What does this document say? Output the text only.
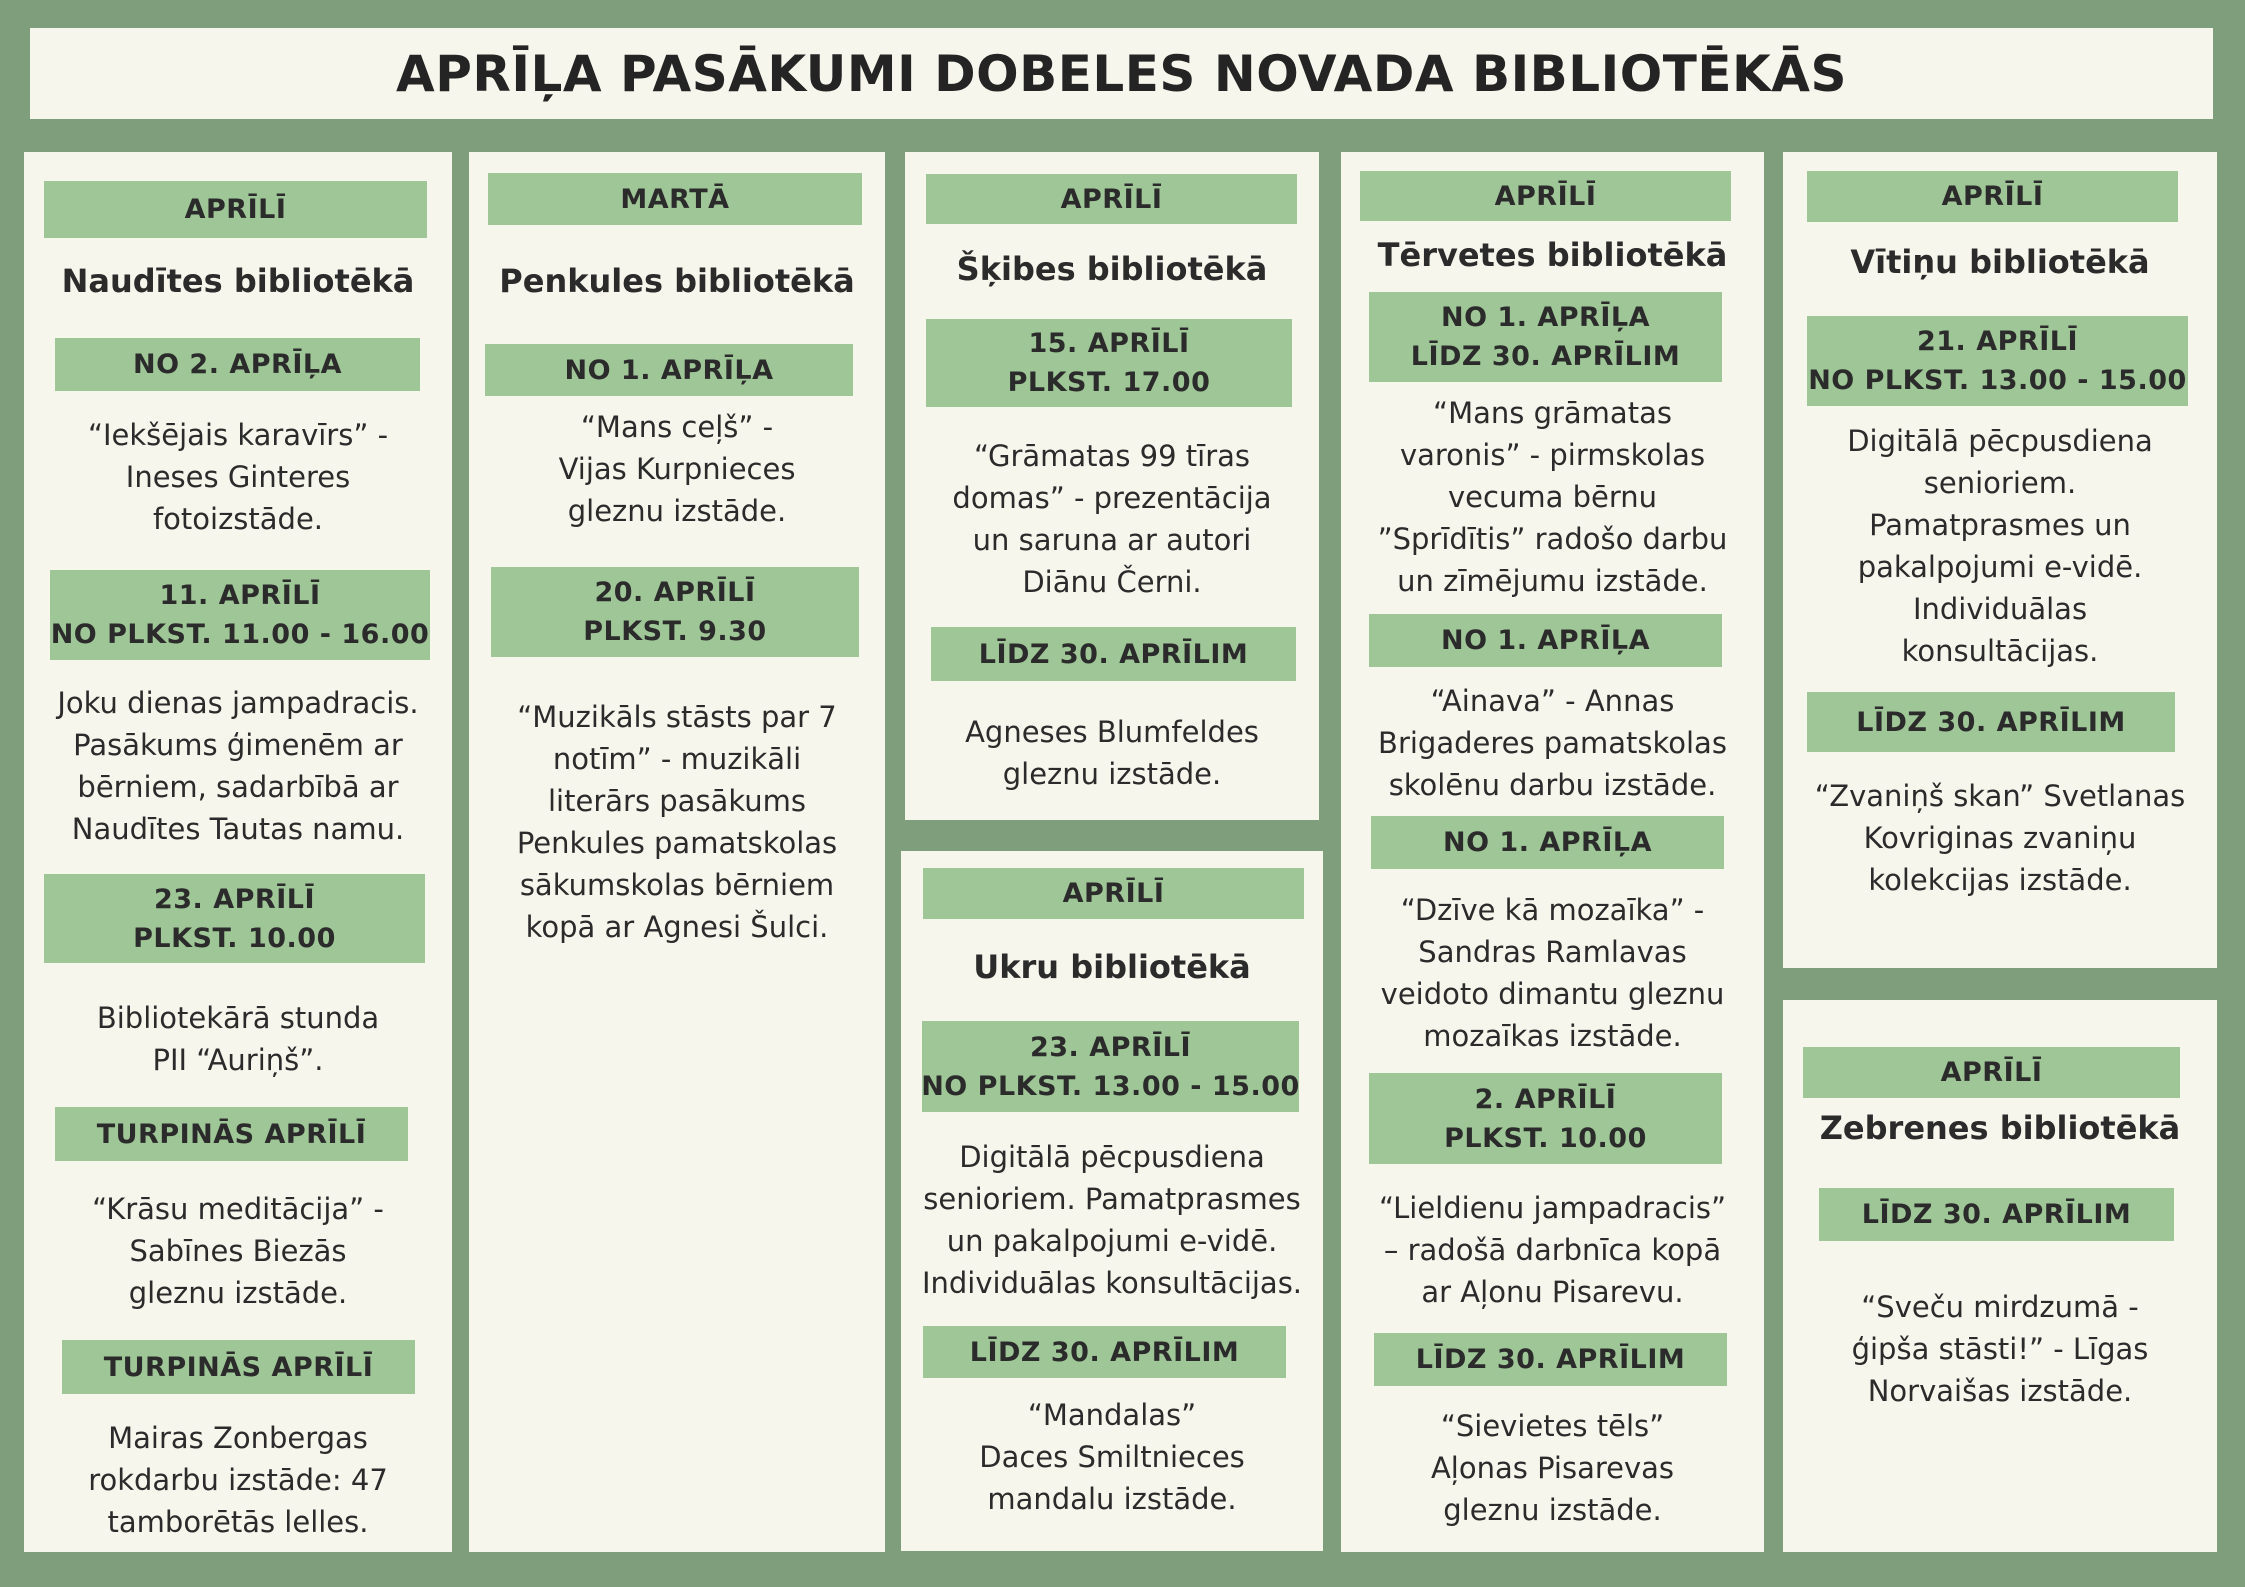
APRĪĻA PASĀKUMI DOBELES NOVADA BIBLIOTĒKĀS
APRĪLĪ
Naudītes bibliotēkā
NO 2. APRĪĻA
“Iekšējais karavīrs” -
Ineses Ginteres
fotoizstāde.
11. APRĪLĪ
NO PLKST. 11.00 - 16.00
Joku dienas jampadracis.
Pasākums ģimenēm ar
bērniem, sadarbībā ar
Naudītes Tautas namu.
23. APRĪLĪ
PLKST. 10.00
Bibliotekārā stunda
PII “Auriņš”.
TURPINĀS APRĪLĪ
“Krāsu meditācija” -
Sabīnes Biezās
gleznu izstāde.
TURPINĀS APRĪLĪ
Mairas Zonbergas
rokdarbu izstāde: 47
tamborētās lelles.
MARTĀ
Penkules bibliotēkā
NO 1. APRĪĻA
“Mans ceļš” -
Vijas Kurpnieces
gleznu izstāde.
20. APRĪLĪ
PLKST. 9.30
“Muzikāls stāsts par 7
notīm” - muzikāli
literārs pasākums
Penkules pamatskolas
sākumskolas bērniem
kopā ar Agnesi Šulci.
APRĪLĪ
Šķibes bibliotēkā
15. APRĪLĪ
PLKST. 17.00
“Grāmatas 99 tīras
domas” - prezentācija
un saruna ar autori
Diānu Černi.
LĪDZ 30. APRĪLIM
Agneses Blumfeldes
gleznu izstāde.
APRĪLĪ
Ukru bibliotēkā
23. APRĪLĪ
NO PLKST. 13.00 - 15.00
Digitālā pēcpusdiena
senioriem. Pamatprasmes
un pakalpojumi e-vidē.
Individuālas konsultācijas.
LĪDZ 30. APRĪLIM
“Mandalas”
Daces Smiltnieces
mandalu izstāde.
APRĪLĪ
Tērvetes bibliotēkā
NO 1. APRĪĻA
LĪDZ 30. APRĪLIM
“Mans grāmatas
varonis” - pirmskolas
vecuma bērnu
”Sprīdītis” radošo darbu
un zīmējumu izstāde.
NO 1. APRĪĻA
“Ainava” - Annas
Brigaderes pamatskolas
skolēnu darbu izstāde.
NO 1. APRĪĻA
“Dzīve kā mozaīka” -
Sandras Ramlavas
veidoto dimantu gleznu
mozaīkas izstāde.
2. APRĪLĪ
PLKST. 10.00
“Lieldienu jampadracis”
– radošā darbnīca kopā
ar Aļonu Pisarevu.
LĪDZ 30. APRĪLIM
“Sievietes tēls”
Aļonas Pisarevas
gleznu izstāde.
APRĪLĪ
Vītiņu bibliotēkā
21. APRĪLĪ
NO PLKST. 13.00 - 15.00
Digitālā pēcpusdiena
senioriem.
Pamatprasmes un
pakalpojumi e-vidē.
Individuālas
konsultācijas.
LĪDZ 30. APRĪLIM
“Zvaniņš skan” Svetlanas
Kovriginas zvaniņu
kolekcijas izstāde.
APRĪLĪ
Zebrenes bibliotēkā
LĪDZ 30. APRĪLIM
“Sveču mirdzumā -
ģipša stāsti!” - Līgas
Norvaišas izstāde.
